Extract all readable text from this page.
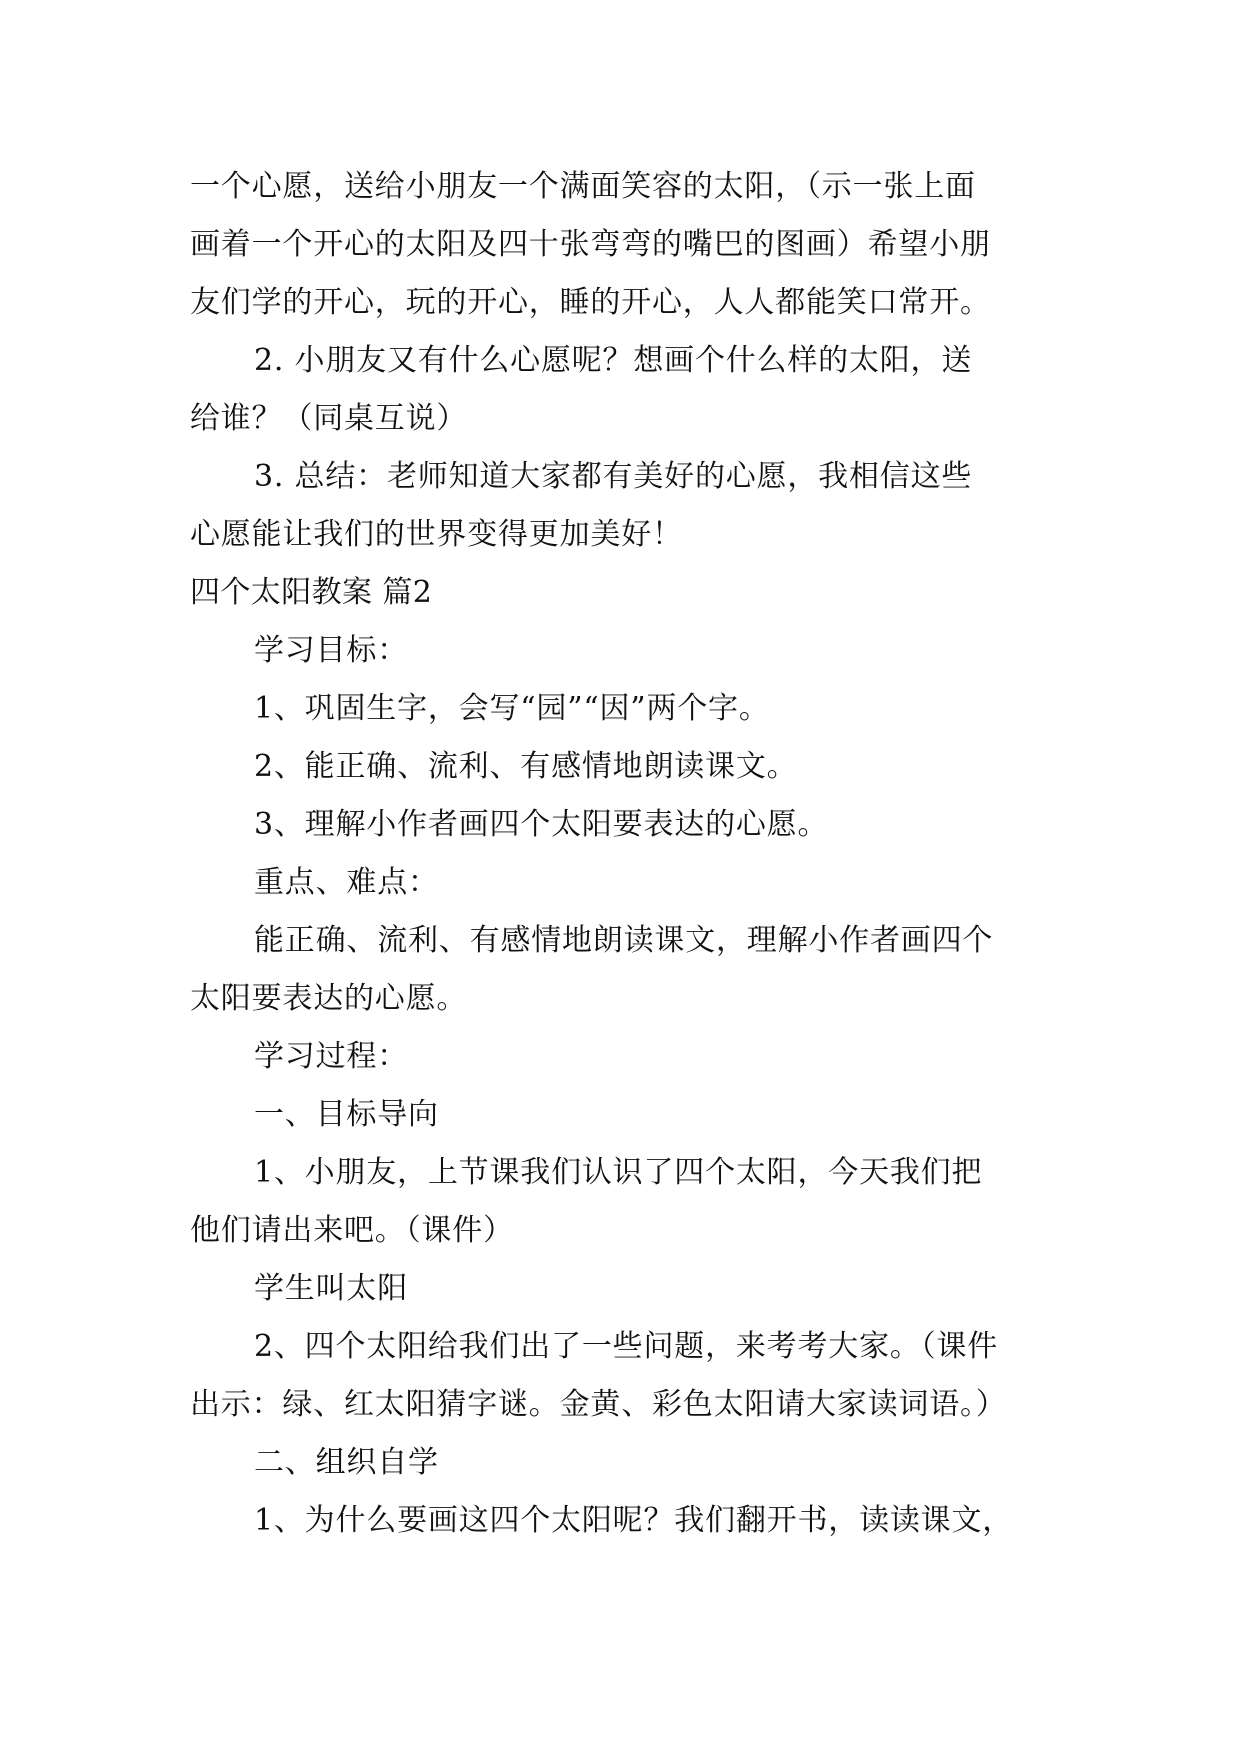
一个心愿，送给小朋友一个满面笑容的太阳，（示一张上面
画着一个开心的太阳及四十张弯弯的嘴巴的图画）希望小朋
友们学的开心，玩的开心，睡的开心，人人都能笑口常开。
2. 小朋友又有什么心愿呢？想画个什么样的太阳，送
给谁？（同桌互说）
3. 总结：老师知道大家都有美好的心愿，我相信这些
心愿能让我们的世界变得更加美好！
四个太阳教案 篇2
学习目标：
1、巩固生字，会写“园”“因”两个字。
2、能正确、流利、有感情地朗读课文。
3、理解小作者画四个太阳要表达的心愿。
重点、难点：
能正确、流利、有感情地朗读课文，理解小作者画四个
太阳要表达的心愿。
学习过程：
一、目标导向
1、小朋友，上节课我们认识了四个太阳，今天我们把
他们请出来吧。（课件）
学生叫太阳
2、四个太阳给我们出了一些问题，来考考大家。（课件
出示：绿、红太阳猜字谜。金黄、彩色太阳请大家读词语。）
二、组织自学
1、为什么要画这四个太阳呢？我们翻开书，读读课文，
